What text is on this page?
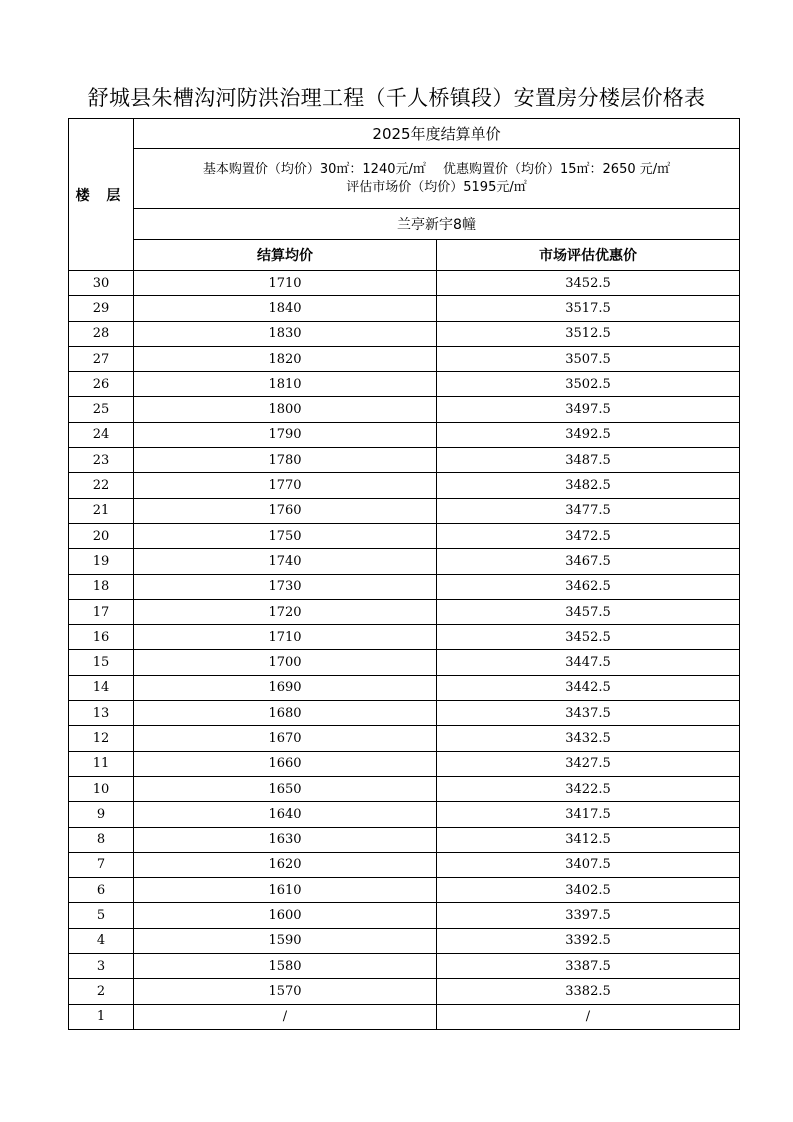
舒城县朱槽沟河防洪治理工程（千人桥镇段）安置房分楼层价格表
楼 层	2025年度结算单价	

	基本购置价（均价）30㎡：1240元/㎡　 优惠购置价（均价）15㎡：2650 元/㎡
评估市场价（均价）5195元/㎡	

	兰亭新宇8幢	
	结算均价	市场评估优惠价
30	1710	3452.5
29	1840	3517.5
28	1830	3512.5
27	1820	3507.5
26	1810	3502.5
25	1800	3497.5
24	1790	3492.5
23	1780	3487.5
22	1770	3482.5
21	1760	3477.5
20	1750	3472.5
19	1740	3467.5
18	1730	3462.5
17	1720	3457.5
16	1710	3452.5
15	1700	3447.5
14	1690	3442.5
13	1680	3437.5
12	1670	3432.5
11	1660	3427.5
10	1650	3422.5
9	1640	3417.5
8	1630	3412.5
7	1620	3407.5
6	1610	3402.5
5	1600	3397.5
4	1590	3392.5
3	1580	3387.5
2	1570	3382.5
1	/	/
